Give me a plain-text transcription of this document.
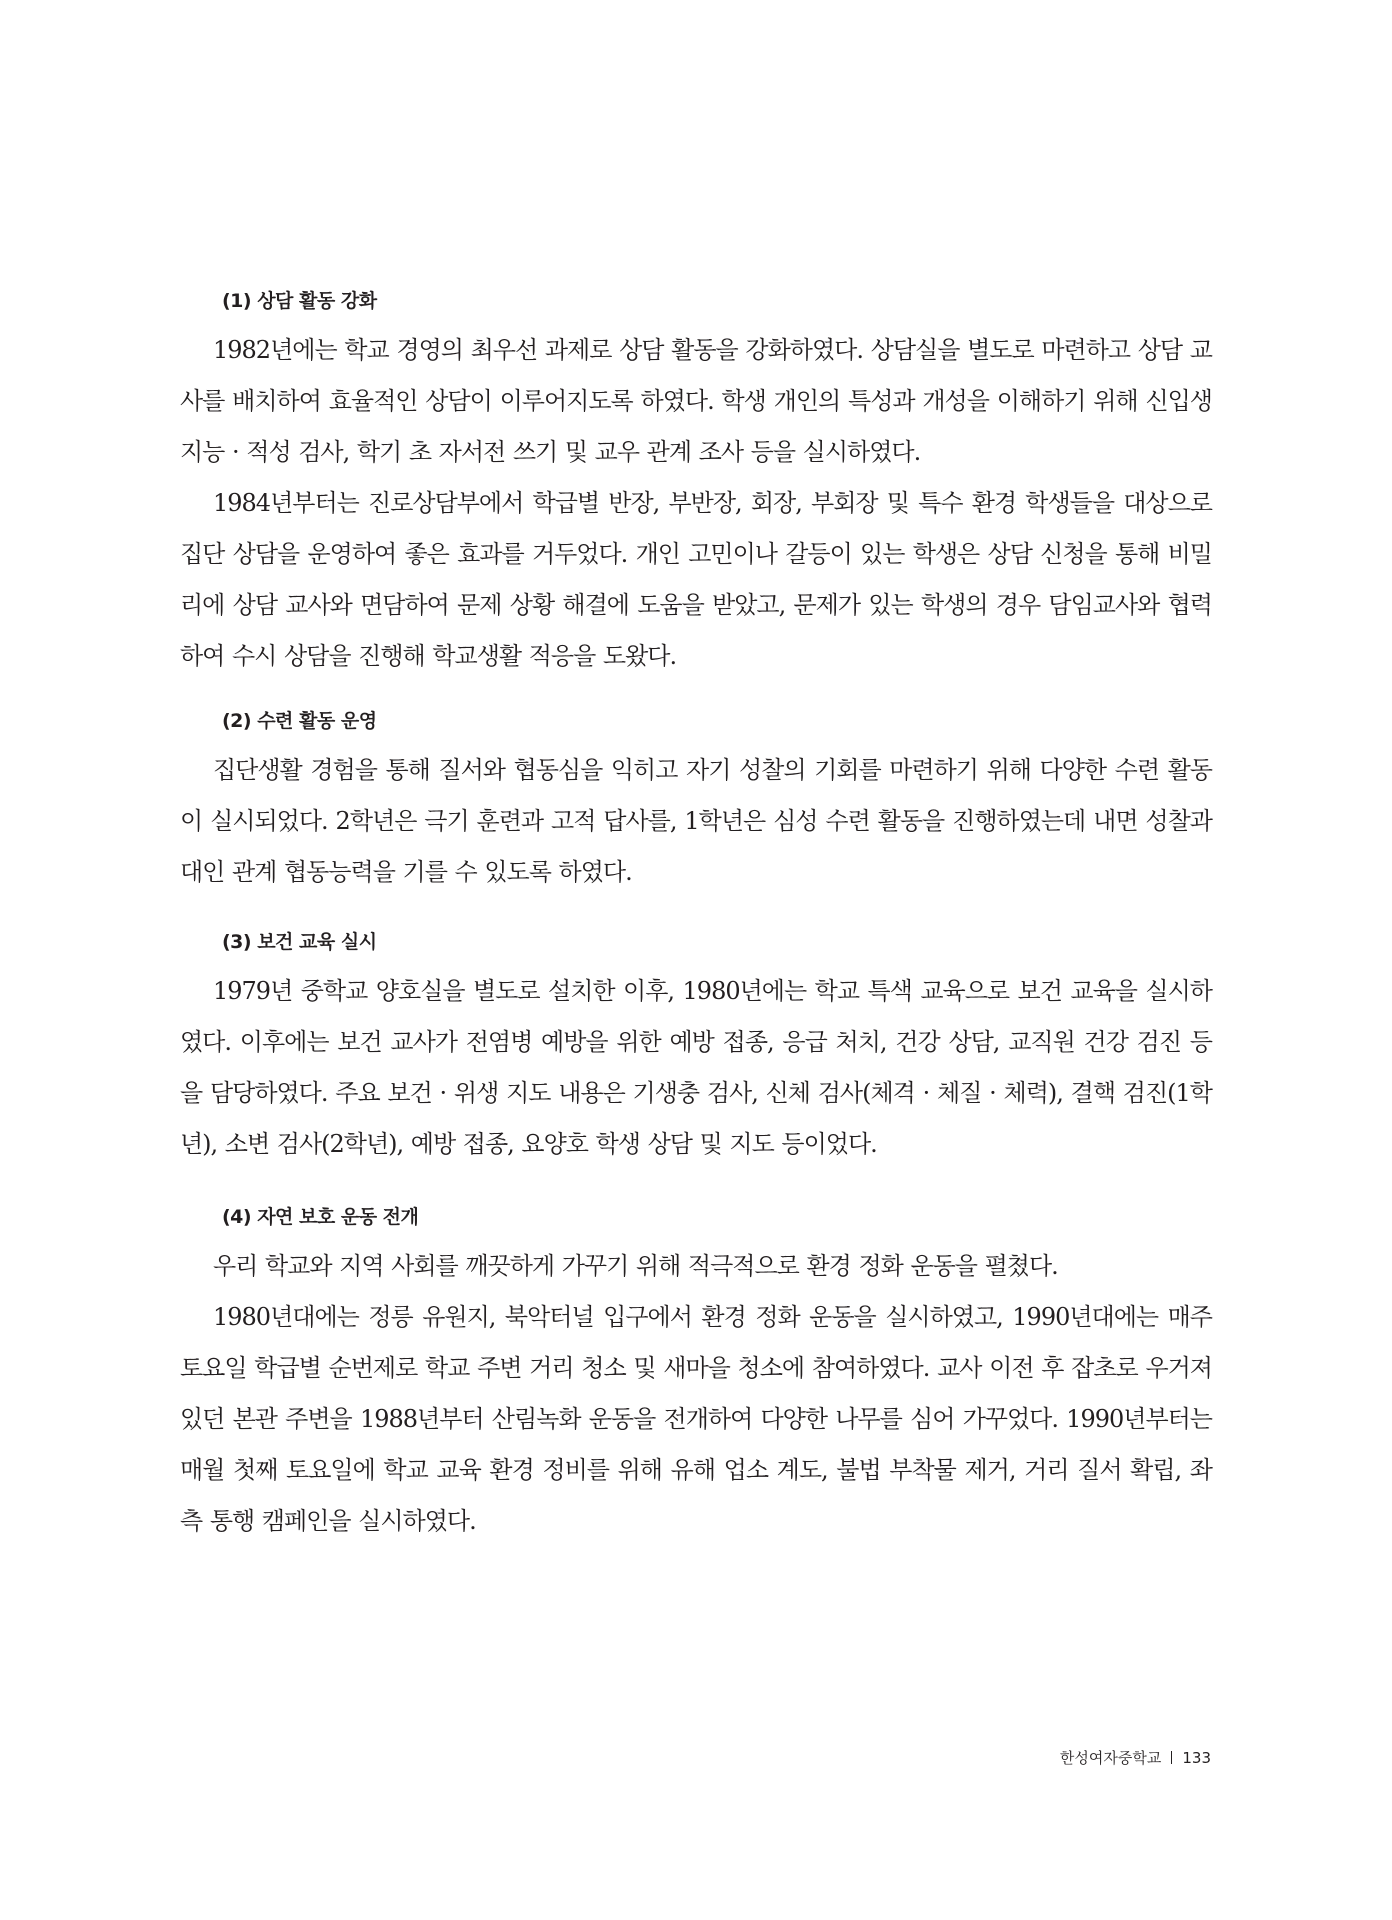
(1) 상담 활동 강화

1982년에는 학교 경영의 최우선 과제로 상담 활동을 강화하였다. 상담실을 별도로 마련하고 상담 교사를 배치하여 효율적인 상담이 이루어지도록 하였다. 학생 개인의 특성과 개성을 이해하기 위해 신입생 지능 · 적성 검사, 학기 초 자서전 쓰기 및 교우 관계 조사 등을 실시하였다.

1984년부터는 진로상담부에서 학급별 반장, 부반장, 회장, 부회장 및 특수 환경 학생들을 대상으로 집단 상담을 운영하여 좋은 효과를 거두었다. 개인 고민이나 갈등이 있는 학생은 상담 신청을 통해 비밀리에 상담 교사와 면담하여 문제 상황 해결에 도움을 받았고, 문제가 있는 학생의 경우 담임교사와 협력하여 수시 상담을 진행해 학교생활 적응을 도왔다.

(2) 수련 활동 운영

집단생활 경험을 통해 질서와 협동심을 익히고 자기 성찰의 기회를 마련하기 위해 다양한 수련 활동이 실시되었다. 2학년은 극기 훈련과 고적 답사를, 1학년은 심성 수련 활동을 진행하였는데 내면 성찰과 대인 관계 협동능력을 기를 수 있도록 하였다.

(3) 보건 교육 실시

1979년 중학교 양호실을 별도로 설치한 이후, 1980년에는 학교 특색 교육으로 보건 교육을 실시하였다. 이후에는 보건 교사가 전염병 예방을 위한 예방 접종, 응급 처치, 건강 상담, 교직원 건강 검진 등을 담당하였다. 주요 보건 · 위생 지도 내용은 기생충 검사, 신체 검사(체격 · 체질 · 체력), 결핵 검진(1학년), 소변 검사(2학년), 예방 접종, 요양호 학생 상담 및 지도 등이었다.

(4) 자연 보호 운동 전개

우리 학교와 지역 사회를 깨끗하게 가꾸기 위해 적극적으로 환경 정화 운동을 펼쳤다.

1980년대에는 정릉 유원지, 북악터널 입구에서 환경 정화 운동을 실시하였고, 1990년대에는 매주 토요일 학급별 순번제로 학교 주변 거리 청소 및 새마을 청소에 참여하였다. 교사 이전 후 잡초로 우거져 있던 본관 주변을 1988년부터 산림녹화 운동을 전개하여 다양한 나무를 심어 가꾸었다. 1990년부터는 매월 첫째 토요일에 학교 교육 환경 정비를 위해 유해 업소 계도, 불법 부착물 제거, 거리 질서 확립, 좌측 통행 캠페인을 실시하였다.

한성여자중학교 133
